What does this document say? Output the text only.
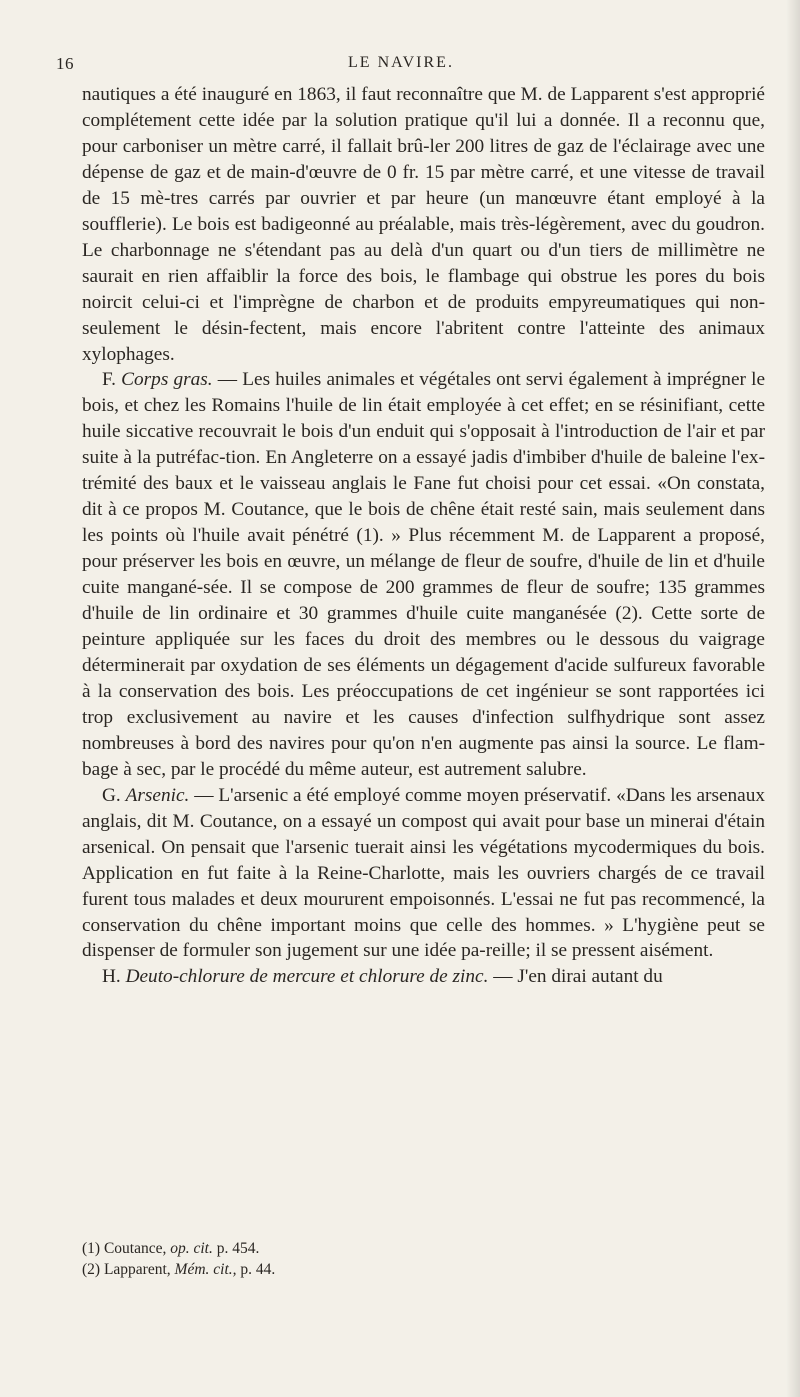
16	LE NAVIRE.

nautiques a été inauguré en 1863, il faut reconnaître que M. de Lapparent s'est approprié complétement cette idée par la solution pratique qu'il lui a donnée. Il a reconnu que, pour carboniser un mètre carré, il fallait brû-ler 200 litres de gaz de l'éclairage avec une dépense de gaz et de main-d'œuvre de 0 fr. 15 par mètre carré, et une vitesse de travail de 15 mè-tres carrés par ouvrier et par heure (un manœuvre étant employé à la soufflerie). Le bois est badigeonné au préalable, mais très-légèrement, avec du goudron. Le charbonnage ne s'étendant pas au delà d'un quart ou d'un tiers de millimètre ne saurait en rien affaiblir la force des bois, le flambage qui obstrue les pores du bois noircit celui-ci et l'imprègne de charbon et de produits empyreumatiques qui non-seulement le désin-fectent, mais encore l'abritent contre l'atteinte des animaux xylophages.

F. Corps gras. — Les huiles animales et végétales ont servi également à imprégner le bois, et chez les Romains l'huile de lin était employée à cet effet; en se résinifiant, cette huile siccative recouvrait le bois d'un enduit qui s'opposait à l'introduction de l'air et par suite à la putréfac-tion. En Angleterre on a essayé jadis d'imbiber d'huile de baleine l'ex-trémité des baux et le vaisseau anglais le Fane fut choisi pour cet essai. «On constata, dit à ce propos M. Coutance, que le bois de chêne était resté sain, mais seulement dans les points où l'huile avait pénétré (1). » Plus récemment M. de Lapparent a proposé, pour préserver les bois en œuvre, un mélange de fleur de soufre, d'huile de lin et d'huile cuite mangané-sée. Il se compose de 200 grammes de fleur de soufre; 135 grammes d'huile de lin ordinaire et 30 grammes d'huile cuite manganésée (2). Cette sorte de peinture appliquée sur les faces du droit des membres ou le dessous du vaigrage déterminerait par oxydation de ses éléments un dégagement d'acide sulfureux favorable à la conservation des bois. Les préoccupations de cet ingénieur se sont rapportées ici trop exclusivement au navire et les causes d'infection sulfhydrique sont assez nombreuses à bord des navires pour qu'on n'en augmente pas ainsi la source. Le flam-bage à sec, par le procédé du même auteur, est autrement salubre.

G. Arsenic. — L'arsenic a été employé comme moyen préservatif. «Dans les arsenaux anglais, dit M. Coutance, on a essayé un compost qui avait pour base un minerai d'étain arsenical. On pensait que l'arsenic tuerait ainsi les végétations mycodermiques du bois. Application en fut faite à la Reine-Charlotte, mais les ouvriers chargés de ce travail furent tous malades et deux moururent empoisonnés. L'essai ne fut pas recommencé, la conservation du chêne important moins que celle des hommes. » L'hygiène peut se dispenser de formuler son jugement sur une idée pa-reille; il se pressent aisément.

H. Deuto-chlorure de mercure et chlorure de zinc. — J'en dirai autant du

(1) Coutance, op. cit. p. 454.

(2) Lapparent, Mém. cit., p. 44.
